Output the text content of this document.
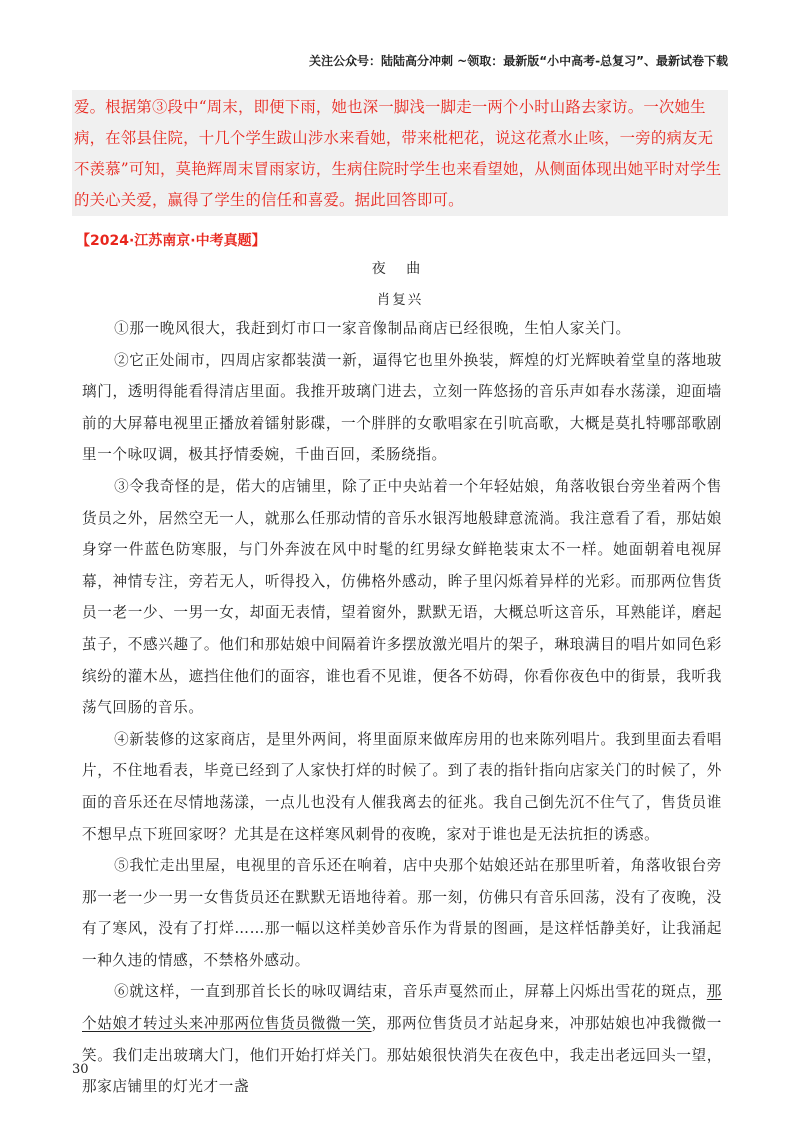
关注公众号：陆陆高分冲刺 ~领取：最新版“小中高考-总复习”、最新试卷下载

爱。根据第③段中“周末，即便下雨，她也深一脚浅一脚走一两个小时山路去家访。一次她生病，在邻县住院，十几个学生跋山涉水来看她，带来枇杷花，说这花煮水止咳，一旁的病友无不羡慕”可知，莫艳辉周末冒雨家访，生病住院时学生也来看望她，从侧面体现出她平时对学生的关心关爱，赢得了学生的信任和喜爱。据此回答即可。

【2024·江苏南京·中考真题】
夜 曲
肖复兴

①那一晚风很大，我赶到灯市口一家音像制品商店已经很晚，生怕人家关门。

②它正处闹市，四周店家都装潢一新，逼得它也里外换装，辉煌的灯光辉映着堂皇的落地玻璃门，透明得能看得清店里面。我推开玻璃门进去，立刻一阵悠扬的音乐声如春水荡漾，迎面墙前的大屏幕电视里正播放着镭射影碟，一个胖胖的女歌唱家在引吭高歌，大概是莫扎特哪部歌剧里一个咏叹调，极其抒情委婉，千曲百回，柔肠绕指。

③令我奇怪的是，偌大的店铺里，除了正中央站着一个年轻姑娘，角落收银台旁坐着两个售货员之外，居然空无一人，就那么任那动情的音乐水银泻地般肆意流淌。我注意看了看，那姑娘身穿一件蓝色防寒服，与门外奔波在风中时髦的红男绿女鲜艳装束太不一样。她面朝着电视屏幕，神情专注，旁若无人，听得投入，仿佛格外感动，眸子里闪烁着异样的光彩。而那两位售货员一老一少、一男一女，却面无表情，望着窗外，默默无语，大概总听这音乐，耳熟能详，磨起茧子，不感兴趣了。他们和那姑娘中间隔着许多摆放激光唱片的架子，琳琅满目的唱片如同色彩缤纷的灌木丛，遮挡住他们的面容，谁也看不见谁，便各不妨碍，你看你夜色中的街景，我听我荡气回肠的音乐。

④新装修的这家商店，是里外两间，将里面原来做库房用的也来陈列唱片。我到里面去看唱片，不住地看表，毕竟已经到了人家快打烊的时候了。到了表的指针指向店家关门的时候了，外面的音乐还在尽情地荡漾，一点儿也没有人催我离去的征兆。我自己倒先沉不住气了，售货员谁不想早点下班回家呀？尤其是在这样寒风刺骨的夜晚，家对于谁也是无法抗拒的诱惑。

⑤我忙走出里屋，电视里的音乐还在响着，店中央那个姑娘还站在那里听着，角落收银台旁那一老一少一男一女售货员还在默默无语地待着。那一刻，仿佛只有音乐回荡，没有了夜晚，没有了寒风，没有了打烊……那一幅以这样美妙音乐作为背景的图画，是这样恬静美好，让我涌起一种久违的情感，不禁格外感动。

⑥就这样，一直到那首长长的咏叹调结束，音乐声戛然而止，屏幕上闪烁出雪花的斑点，那个姑娘才转过头来冲那两位售货员微微一笑，那两位售货员才站起身来，冲那姑娘也冲我微微一笑。我们走出玻璃大门，他们开始打烊关门。那姑娘很快消失在夜色中，我走出老远回头一望，那家店铺里的灯光才一盏

30
